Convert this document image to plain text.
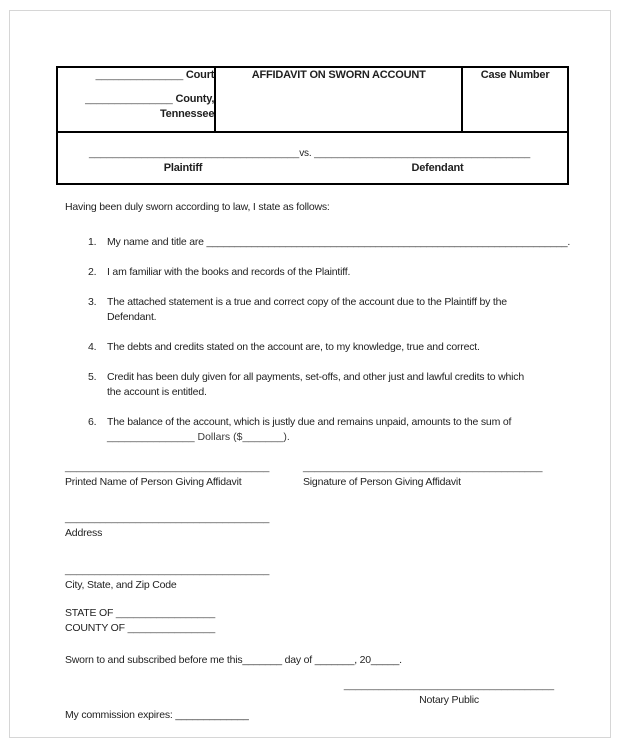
_______________ Court
_______________ County,
Tennessee
	AFFIDAVIT ON SWORN ACCOUNT	Case Number

____________________________________vs. _____________________________________
Plaintiff	Defendant
Having been duly sworn according to law, I state as follows:
1.	My name and title are ________________________________________________________________.
2.	I am familiar with the books and records of the Plaintiff.
3.	The attached statement is a true and correct copy of the account due to the Plaintiff by the
Defendant.
4.	The debts and credits stated on the account are, to my knowledge, true and correct.
5.	Credit has been duly given for all payments, set-offs, and other just and lawful credits to which
the account is entitled.
6.	The balance of the account, which is justly due and remains unpaid, amounts to the sum of
_______________ Dollars ($_______).
___________________________________
Printed Name of Person Giving Affidavit
_________________________________________
Signature of Person Giving Affidavit
___________________________________
Address
___________________________________
City, State, and Zip Code
STATE OF _________________
COUNTY OF _______________
Sworn to and subscribed before me this_______ day of _______, 20_____.
____________________________________
Notary Public
My commission expires: _____________
